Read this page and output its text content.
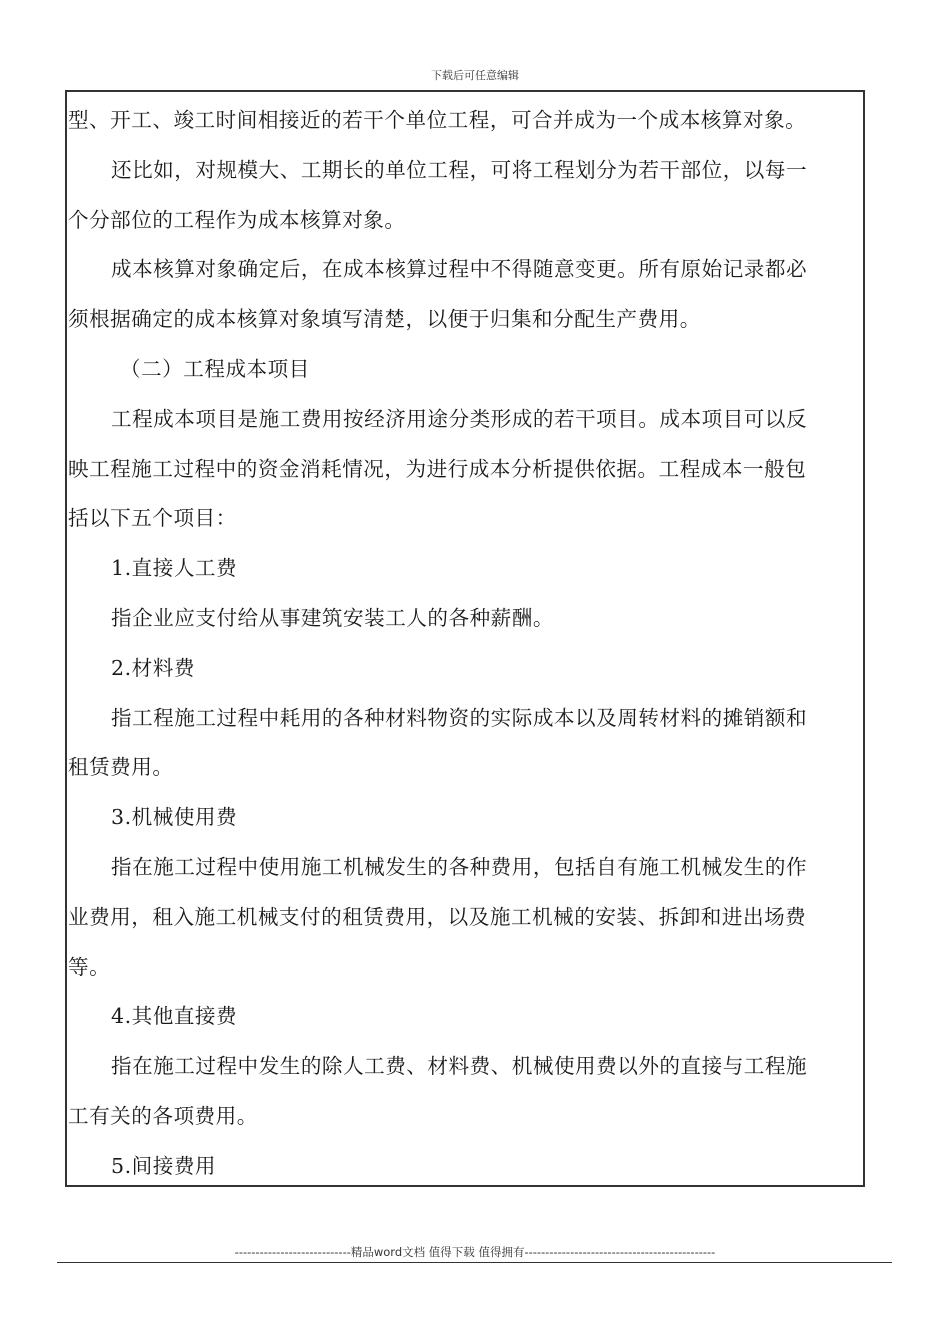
下载后可任意编辑
型、开工、竣工时间相接近的若干个单位工程，可合并成为一个成本核算对象。
还比如，对规模大、工期长的单位工程，可将工程划分为若干部位，以每一
个分部位的工程作为成本核算对象。
成本核算对象确定后，在成本核算过程中不得随意变更。所有原始记录都必
须根据确定的成本核算对象填写清楚，以便于归集和分配生产费用。
（二）工程成本项目
工程成本项目是施工费用按经济用途分类形成的若干项目。成本项目可以反
映工程施工过程中的资金消耗情况，为进行成本分析提供依据。工程成本一般包
括以下五个项目：
1.直接人工费
指企业应支付给从事建筑安装工人的各种薪酬。
2.材料费
指工程施工过程中耗用的各种材料物资的实际成本以及周转材料的摊销额和
租赁费用。
3.机械使用费
指在施工过程中使用施工机械发生的各种费用，包括自有施工机械发生的作
业费用，租入施工机械支付的租赁费用，以及施工机械的安装、拆卸和进出场费
等。
4.其他直接费
指在施工过程中发生的除人工费、材料费、机械使用费以外的直接与工程施
工有关的各项费用。
5.间接费用
----------------------------精品word文档 值得下载 值得拥有----------------------------------------------
